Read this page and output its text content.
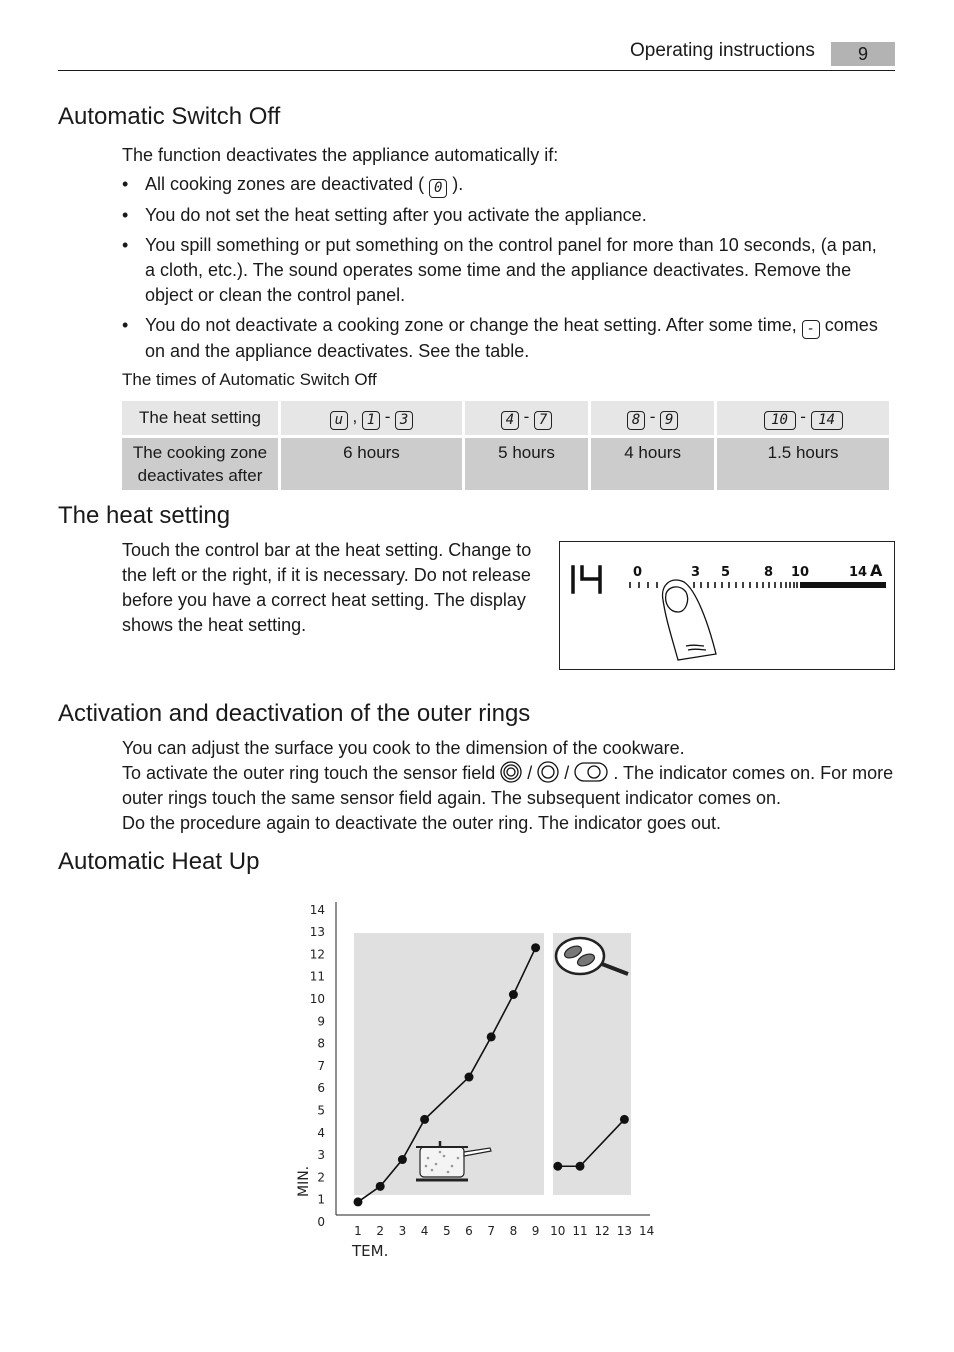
Operating instructions	9
Automatic Switch Off
The function deactivates the appliance automatically if:
• All cooking zones are deactivated ( 0 ).
• You do not set the heat setting after you activate the appliance.
• You spill something or put something on the control panel for more than 10 seconds, (a pan, a cloth, etc.). The sound operates some time and the appliance deactivates. Remove the object or clean the control panel.
• You do not deactivate a cooking zone or change the heat setting. After some time, - comes on and the appliance deactivates. See the table.
The times of Automatic Switch Off
The heat setting	u , 1 - 3	4 - 7	8 - 9	10 - 14
The cooking zone deactivates after	6 hours	5 hours	4 hours	1.5 hours
The heat setting
Touch the control bar at the heat setting. Change to the left or the right, if it is necessary. Do not release before you have a correct heat setting. The display shows the heat setting.
14
0	3 5	8 10	14 A
Activation and deactivation of the outer rings
You can adjust the surface you cook to the dimension of the cookware.
To activate the outer ring touch the sensor field / / . The indicator comes on. For more outer rings touch the same sensor field again. The subsequent indicator comes on.
Do the procedure again to deactivate the outer ring. The indicator goes out.
Automatic Heat Up
0
1
2
3
4
5
6
7
8
9
10
11
12
13
14
1 2 3 4 5 6 7 8 9 10 11 12 13 14
MIN.
TEM.
